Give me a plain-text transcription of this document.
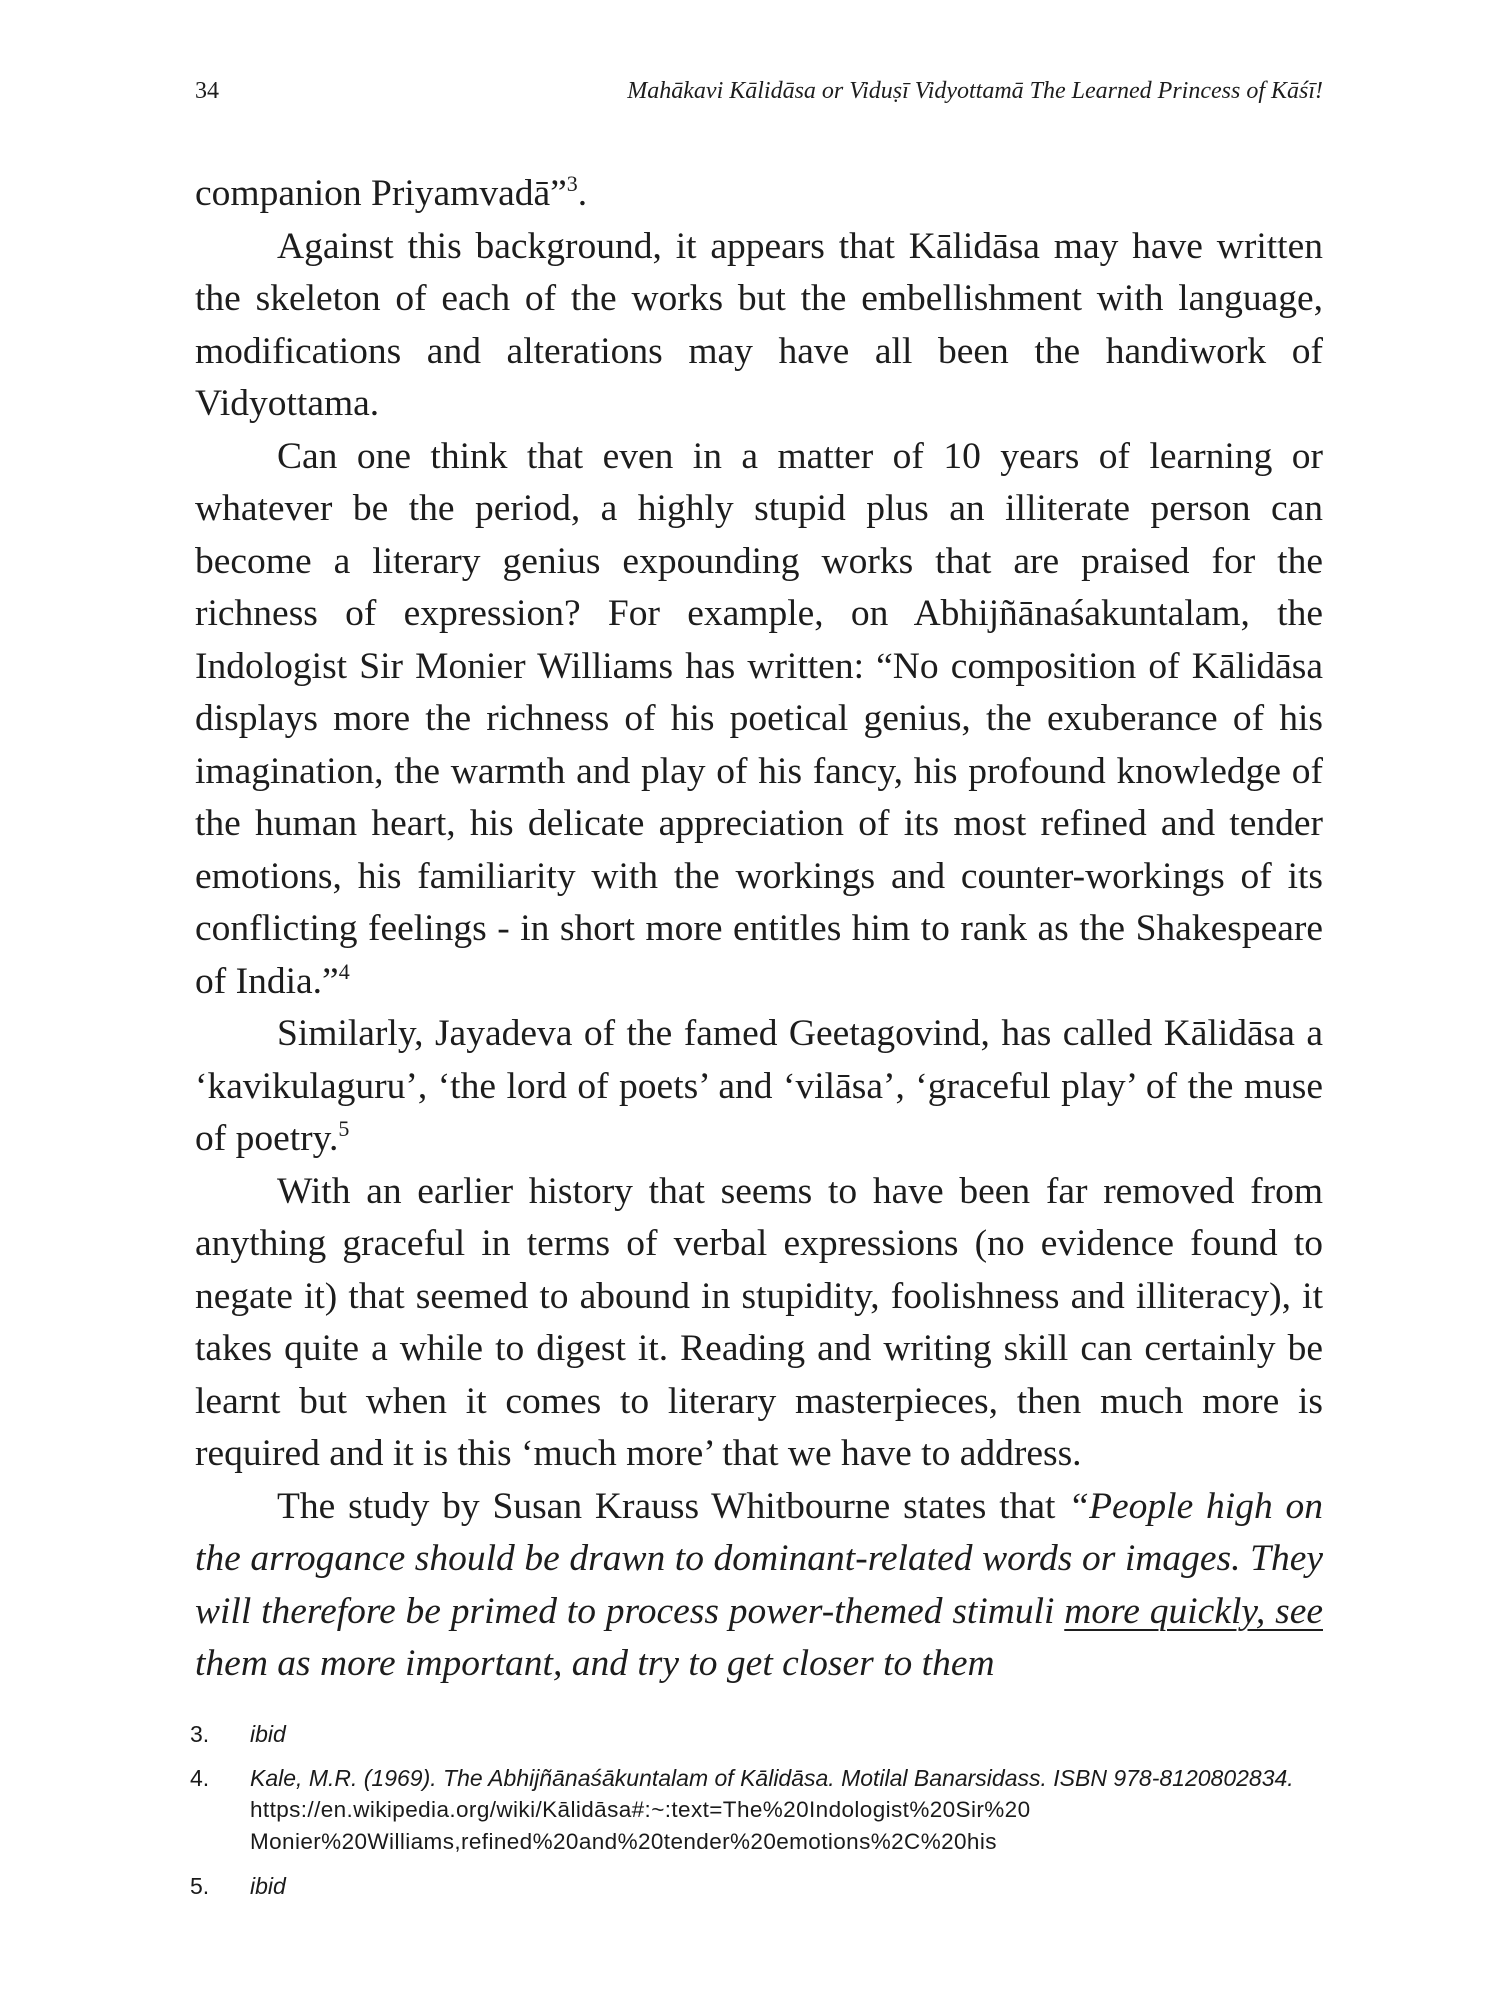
34	Mahākavi Kālidāsa or Viduṣī Vidyottamā The Learned Princess of Kāśī!

companion Priyamvadā”$^3$.

Against this background, it appears that Kālidāsa may have written the skeleton of each of the works but the embellishment with language, modifications and alterations may have all been the handiwork of Vidyottama.

Can one think that even in a matter of 10 years of learning or whatever be the period, a highly stupid plus an illiterate person can become a literary genius expounding works that are praised for the richness of expression? For example, on Abhijñānaśakuntalam, the Indologist Sir Monier Williams has written: “No composition of Kālidāsa displays more the richness of his poetical genius, the exuberance of his imagination, the warmth and play of his fancy, his profound knowledge of the human heart, his delicate appreciation of its most refined and tender emotions, his familiarity with the workings and counter-workings of its conflicting feelings - in short more entitles him to rank as the Shakespeare of India.”$^4$

Similarly, Jayadeva of the famed Geetagovind, has called Kālidāsa a ‘kavikulaguru’, ‘the lord of poets’ and ‘vilāsa’, ‘graceful play’ of the muse of poetry.$^5$

With an earlier history that seems to have been far removed from anything graceful in terms of verbal expressions (no evidence found to negate it) that seemed to abound in stupidity, foolishness and illiteracy), it takes quite a while to digest it. Reading and writing skill can certainly be learnt but when it comes to literary masterpieces, then much more is required and it is this ‘much more’ that we have to address.

The study by Susan Krauss Whitbourne states that “People high on the arrogance should be drawn to dominant-related words or images. They will therefore be primed to process power-themed stimuli more quickly, see them as more important, and try to get closer to them

3.	ibid
4.	Kale, M.R. (1969). The Abhijñānaśākuntalam of Kālidāsa. Motilal Banarsidass. ISBN 978-8120802834.
https://en.wikipedia.org/wiki/Kālidāsa#:~:text=The%20Indologist%20Sir%20
Monier%20Williams,refined%20and%20tender%20emotions%2C%20his
5.	ibid
